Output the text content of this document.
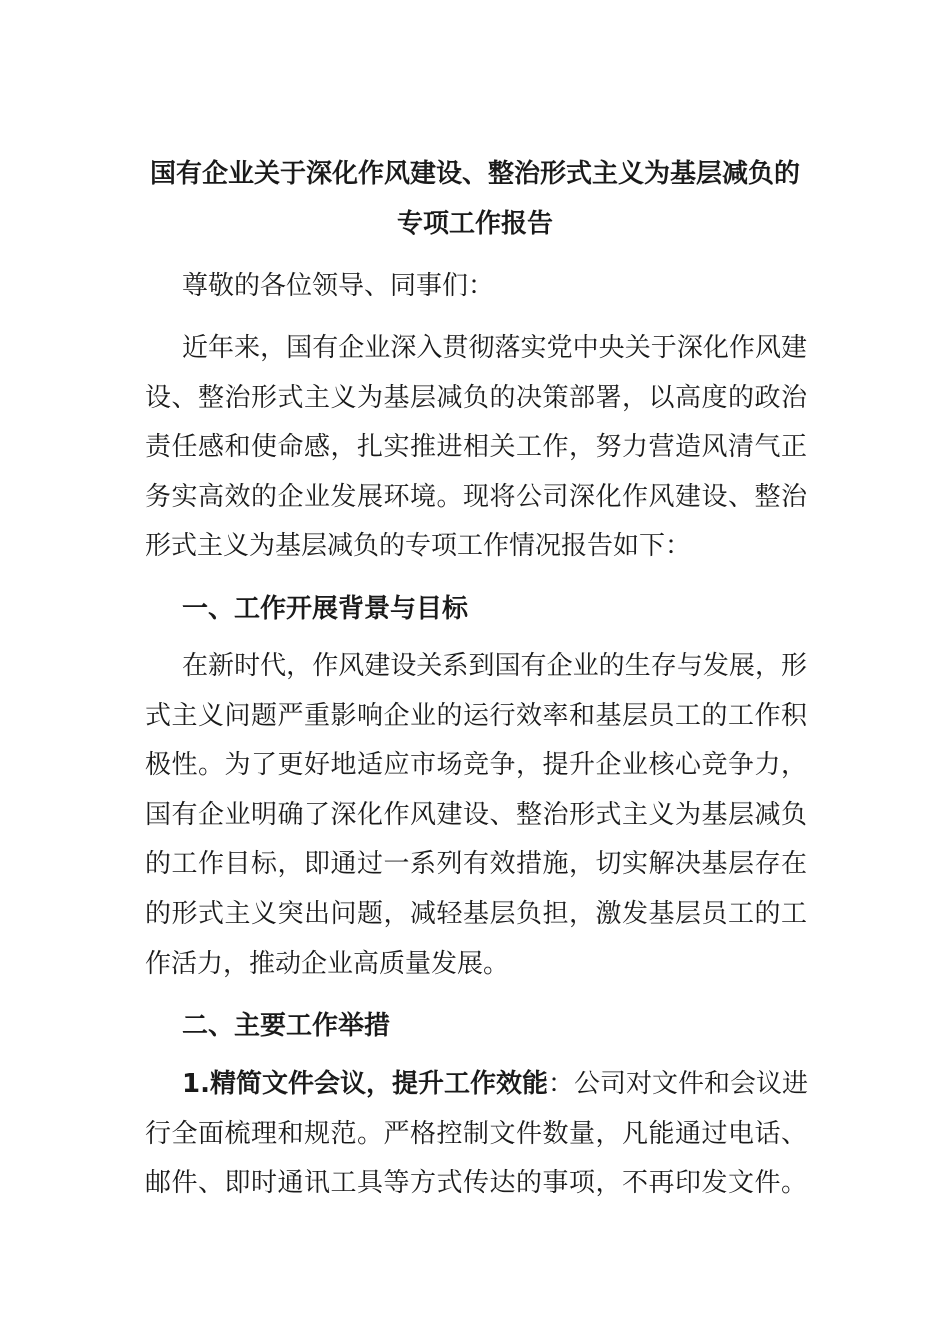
国有企业关于深化作风建设、整治形式主义为基层减负的

专项工作报告

尊敬的各位领导、同事们：

近年来，国有企业深入贯彻落实党中央关于深化作风建

设、整治形式主义为基层减负的决策部署，以高度的政治

责任感和使命感，扎实推进相关工作，努力营造风清气正

务实高效的企业发展环境。现将公司深化作风建设、整治

形式主义为基层减负的专项工作情况报告如下：

一、工作开展背景与目标

在新时代，作风建设关系到国有企业的生存与发展，形

式主义问题严重影响企业的运行效率和基层员工的工作积

极性。为了更好地适应市场竞争，提升企业核心竞争力，

国有企业明确了深化作风建设、整治形式主义为基层减负

的工作目标，即通过一系列有效措施，切实解决基层存在

的形式主义突出问题，减轻基层负担，激发基层员工的工

作活力，推动企业高质量发展。

二、主要工作举措

1.精简文件会议，提升工作效能：公司对文件和会议进

行全面梳理和规范。严格控制文件数量，凡能通过电话、

邮件、即时通讯工具等方式传达的事项，不再印发文件。
